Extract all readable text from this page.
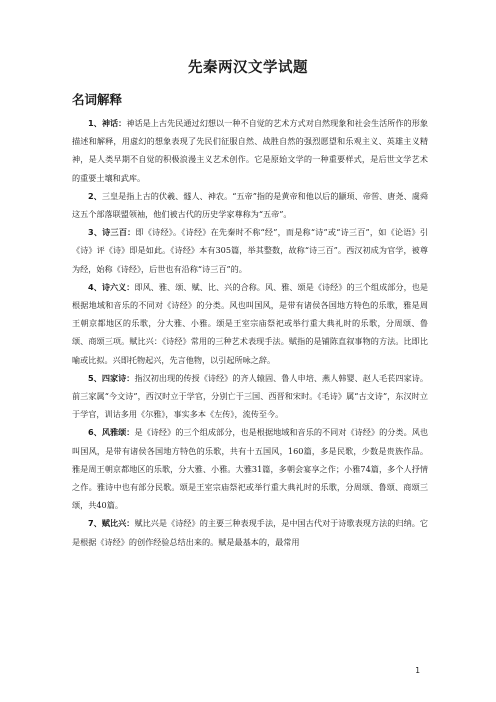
先秦两汉文学试题
名词解释

1、神话：神话是上古先民通过幻想以一种不自觉的艺术方式对自然现象和社会生活所作的形象描述和解释，用虚幻的想象表现了先民们征服自然、战胜自然的强烈愿望和乐观主义、英雄主义精神，是人类早期不自觉的积极浪漫主义艺术创作。它是原始文学的一种重要样式，是后世文学艺术的重要土壤和武库。

2、三皇是指上古的伏羲、燧人、神农。“五帝”指的是黄帝和他以后的颛顼、帝喾、唐尧、虞舜这五个部落联盟领袖，他们被古代的历史学家尊称为“五帝”。

3、诗三百：即《诗经》。《诗经》在先秦时不称“经”，而是称“诗”或“诗三百”，如《论语》引《诗》评《诗》即是如此。《诗经》本有305篇，举其整数，故称“诗三百”。西汉初成为官学，被尊为经，始称《诗经》，后世也有沿称“诗三百”的。

4、诗六义：即风、雅、颂、赋、比、兴的合称。风、雅、颂是《诗经》的三个组成部分，也是根据地域和音乐的不同对《诗经》的分类。风也叫国风，是带有诸侯各国地方特色的乐歌，雅是周王朝京都地区的乐歌，分大雅、小雅。颂是王室宗庙祭祀或举行重大典礼时的乐歌，分周颂、鲁颂、商颂三项。赋比兴：《诗经》常用的三种艺术表现手法。赋指的是铺陈直叙事物的方法。比即比喻或比拟。兴即托物起兴，先言他物，以引起所咏之辞。

5、四家诗：指汉初出现的传授《诗经》的齐人辕固、鲁人申培、燕人韩婴、赵人毛苌四家诗。前三家属“今文诗”，西汉时立于学官，分别亡于三国、西晋和宋时。《毛诗》属“古文诗”，东汉时立于学官，训诂多用《尔雅》，事实多本《左传》，流传至今。

6、风雅颂：是《诗经》的三个组成部分，也是根据地域和音乐的不同对《诗经》的分类。风也叫国风，是带有诸侯各国地方特色的乐歌，共有十五国风，160篇，多是民歌，少数是贵族作品。雅是周王朝京都地区的乐歌，分大雅、小雅。大雅31篇，多朝会宴享之作；小雅74篇，多个人抒情之作。雅诗中也有部分民歌。颂是王室宗庙祭祀或举行重大典礼时的乐歌，分周颂、鲁颂、商颂三颂，共40篇。

7、赋比兴：赋比兴是《诗经》的主要三种表现手法，是中国古代对于诗歌表现方法的归纳。它是根据《诗经》的创作经验总结出来的。赋是最基本的，最常用

1
